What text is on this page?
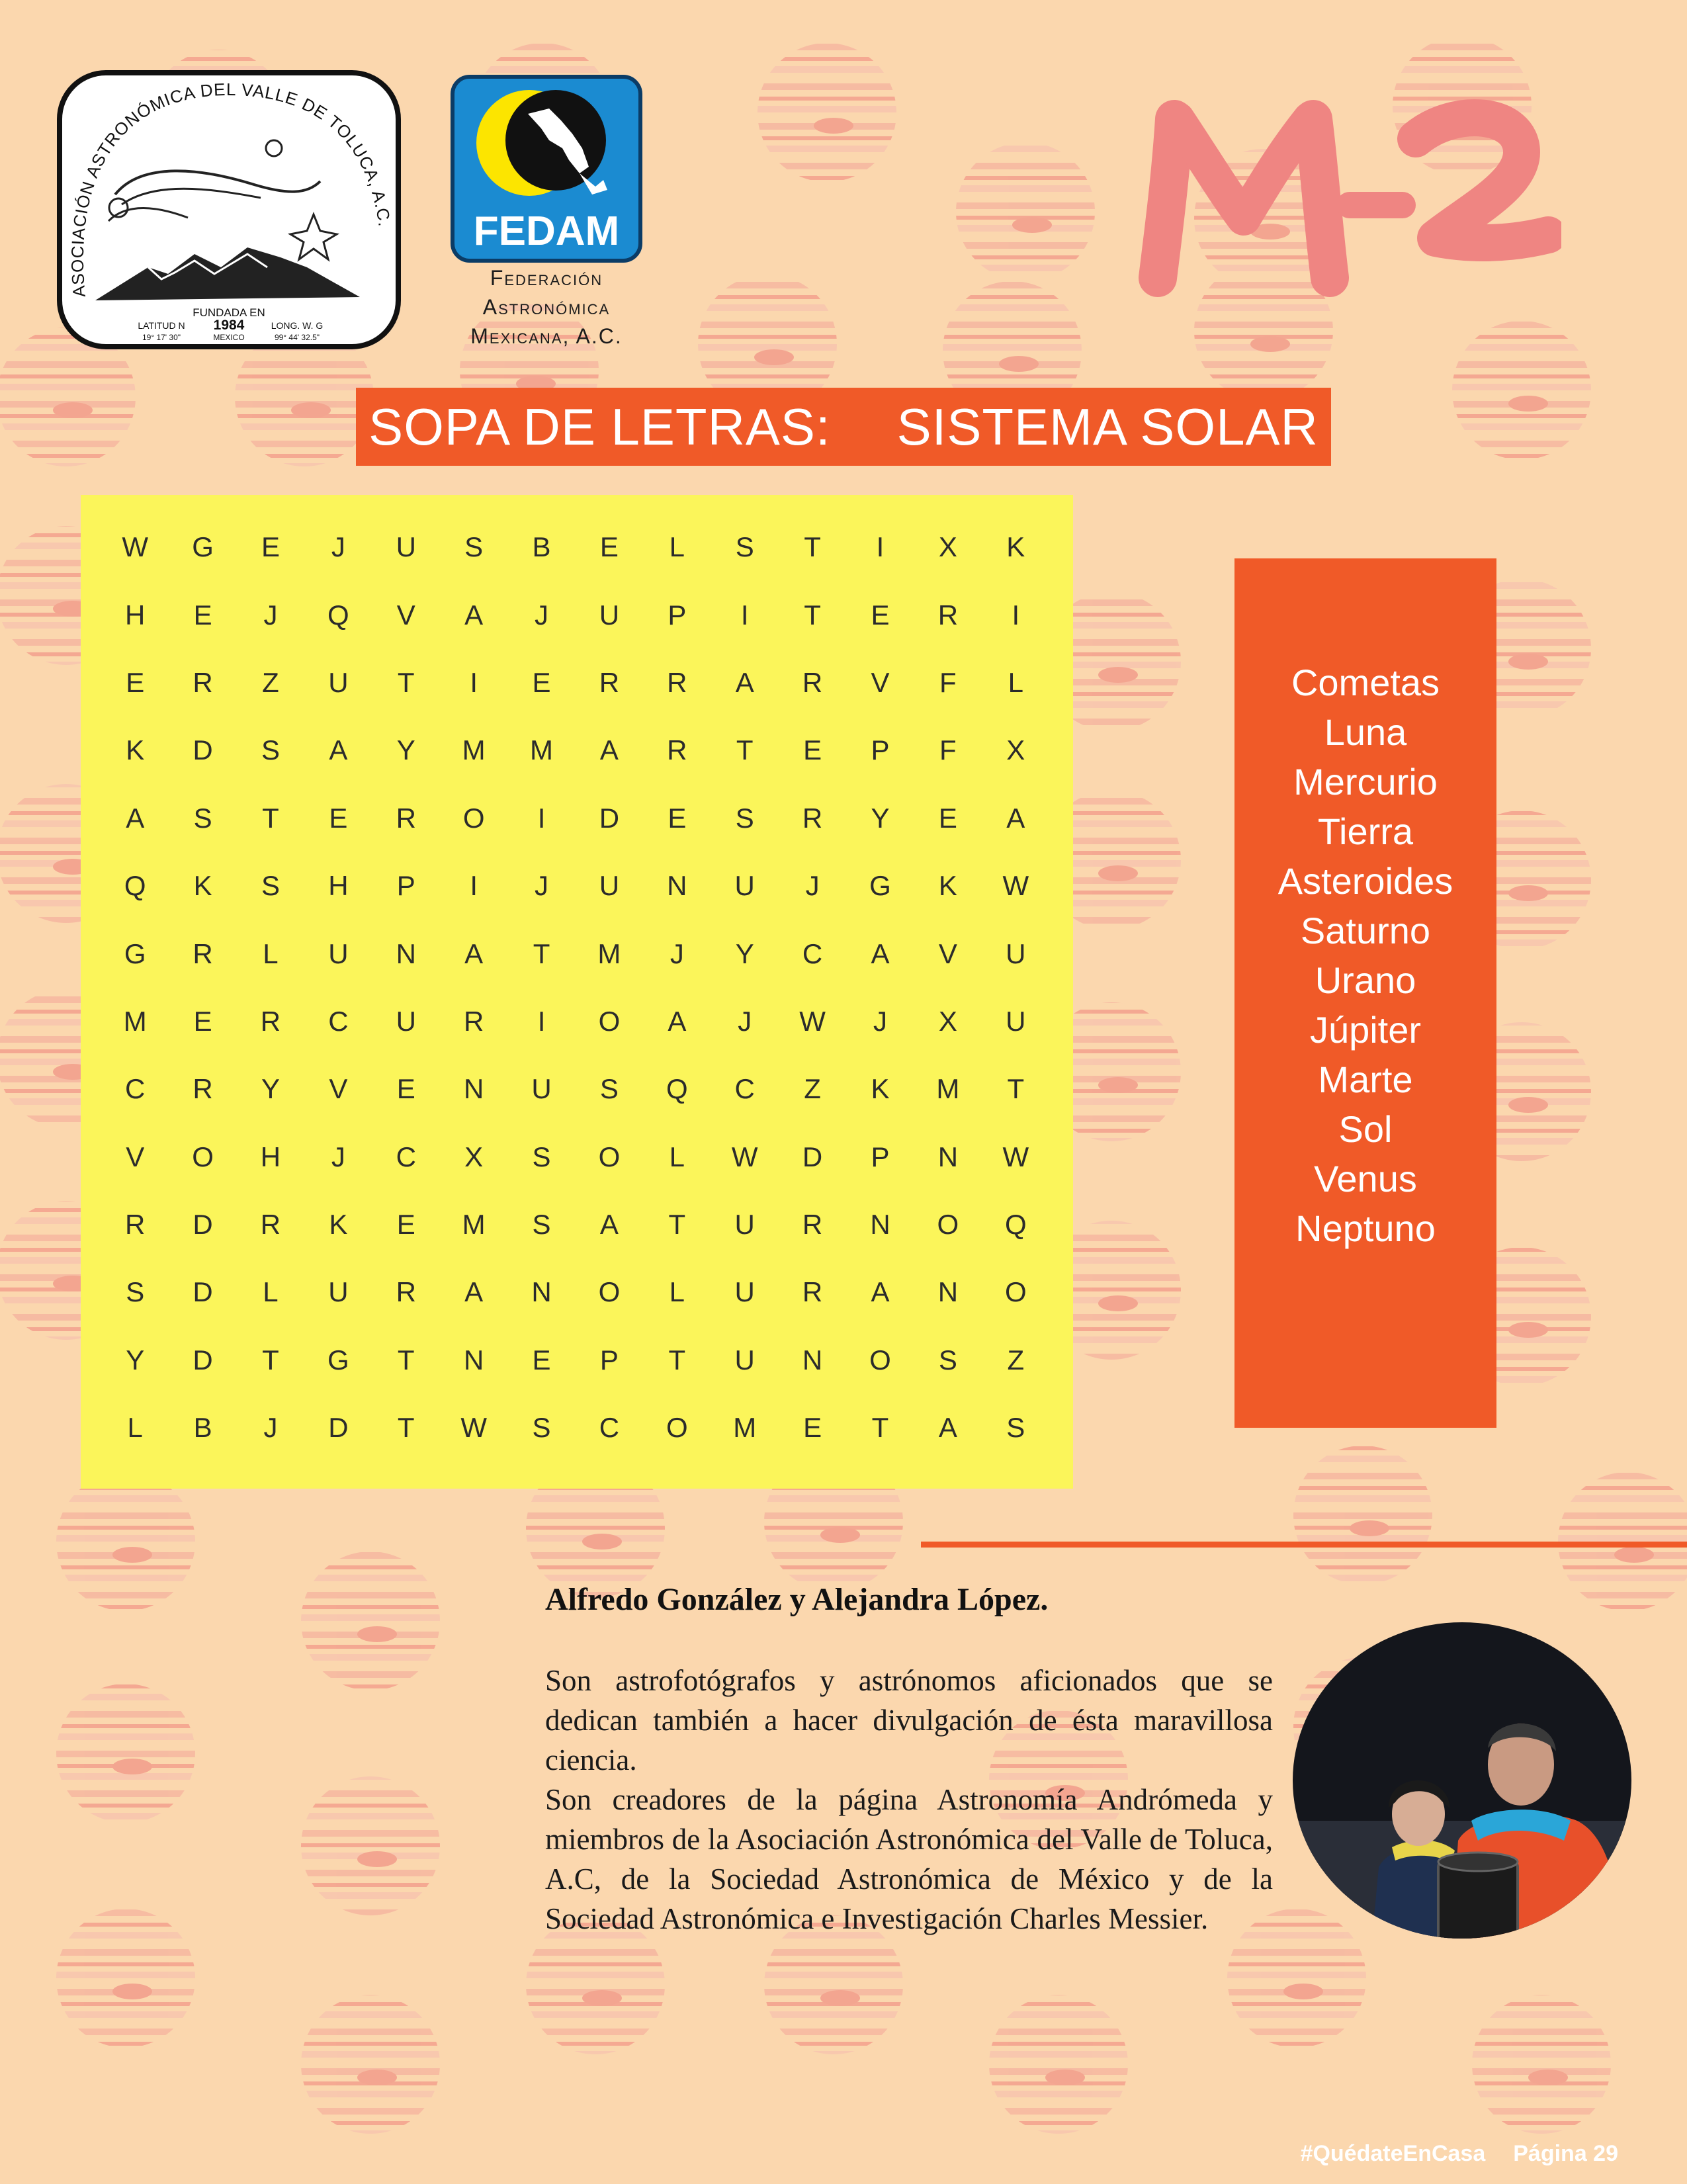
ASOCIACIÓN ASTRONÓMICA DEL VALLE DE TOLUCA, A.C.
FUNDADA EN
1984
MEXICO
LATITUD N
19° 17' 30"
LONG. W. G
99° 44' 32.5"
FEDAM
Federación
Astronómica
Mexicana, A.C.
SOPA DE LETRAS: SISTEMA SOLAR
W	G	E	J	U	S	B	E	L	S	T	I	X	K
H	E	J	Q	V	A	J	U	P	I	T	E	R	I
E	R	Z	U	T	I	E	R	R	A	R	V	F	L
K	D	S	A	Y	M	M	A	R	T	E	P	F	X
A	S	T	E	R	O	I	D	E	S	R	Y	E	A
Q	K	S	H	P	I	J	U	N	U	J	G	K	W
G	R	L	U	N	A	T	M	J	Y	C	A	V	U
M	E	R	C	U	R	I	O	A	J	W	J	X	U
C	R	Y	V	E	N	U	S	Q	C	Z	K	M	T
V	O	H	J	C	X	S	O	L	W	D	P	N	W
R	D	R	K	E	M	S	A	T	U	R	N	O	Q
S	D	L	U	R	A	N	O	L	U	R	A	N	O
Y	D	T	G	T	N	E	P	T	U	N	O	S	Z
L	B	J	D	T	W	S	C	O	M	E	T	A	S
Cometas
Luna
Mercurio
Tierra
Asteroides
Saturno
Urano
Júpiter
Marte
Sol
Venus
Neptuno
Alfredo González y Alejandra López.

Son astrofotógrafos y astrónomos aficionados que se dedican también a hacer divulgación de ésta maravillosa ciencia.

Son creadores de la página Astronomía Andrómeda y miembros de la Asociación Astronómica del Valle de Toluca, A.C, de la Sociedad Astronómica de México y de la Sociedad Astronómica e Investigación Charles Messier.

#QuédateEnCasa Página 29
